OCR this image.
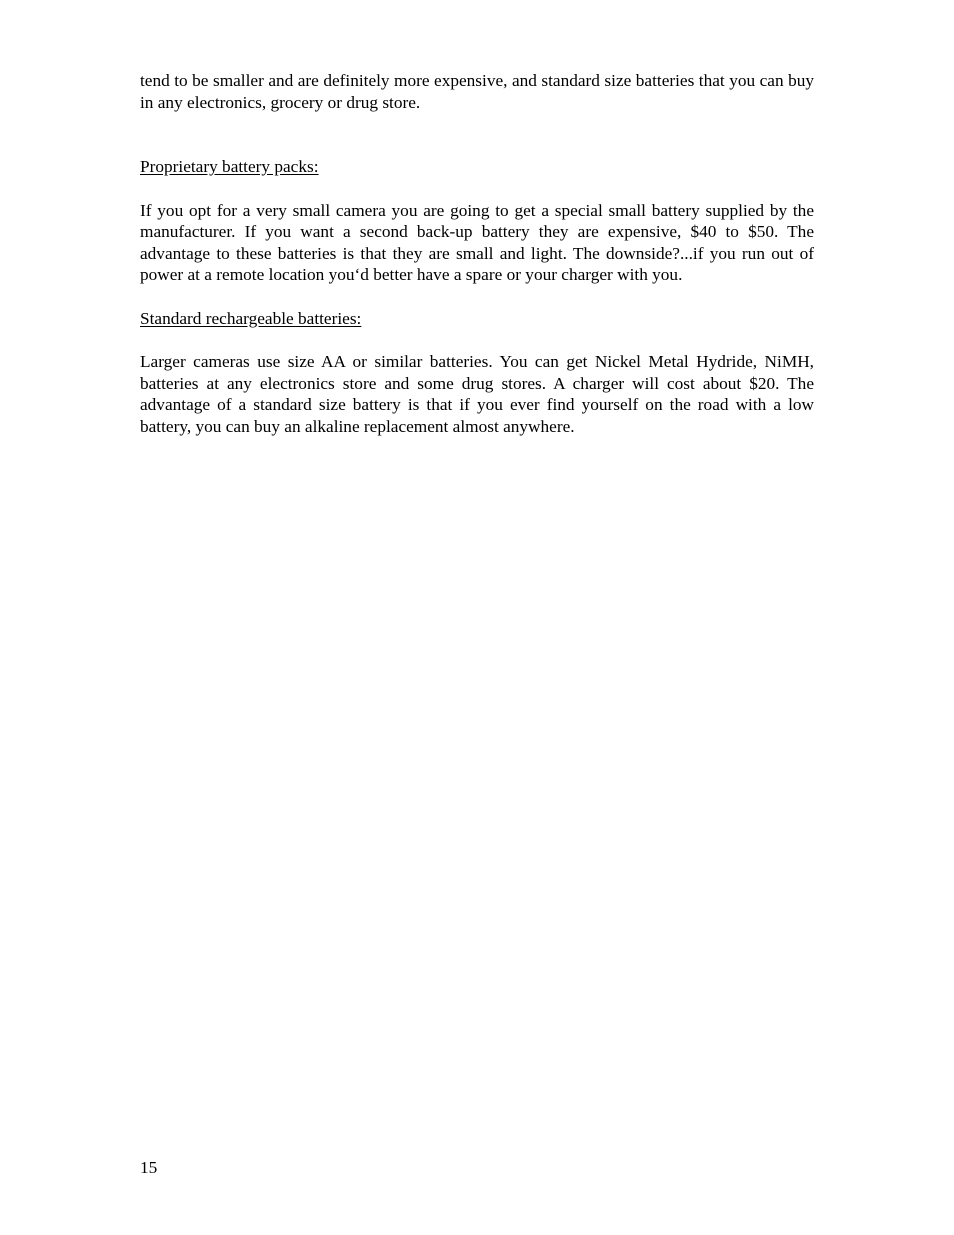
tend to be smaller and are definitely more expensive, and standard size batteries that you can buy in any electronics, grocery or drug store.

Proprietary battery packs:

If you opt for a very small camera you are going to get a special small battery supplied by the manufacturer. If you want a second back-up battery they are expensive, $40 to $50. The advantage to these batteries is that they are small and light. The downside?...if you run out of power at a remote location you‘d better have a spare or your charger with you.

Standard rechargeable batteries:

Larger cameras use size AA or similar batteries. You can get Nickel Metal Hydride, NiMH, batteries at any electronics store and some drug stores. A charger will cost about $20. The advantage of a standard size battery is that if you ever find yourself on the road with a low battery, you can buy an alkaline replacement almost anywhere.

15
